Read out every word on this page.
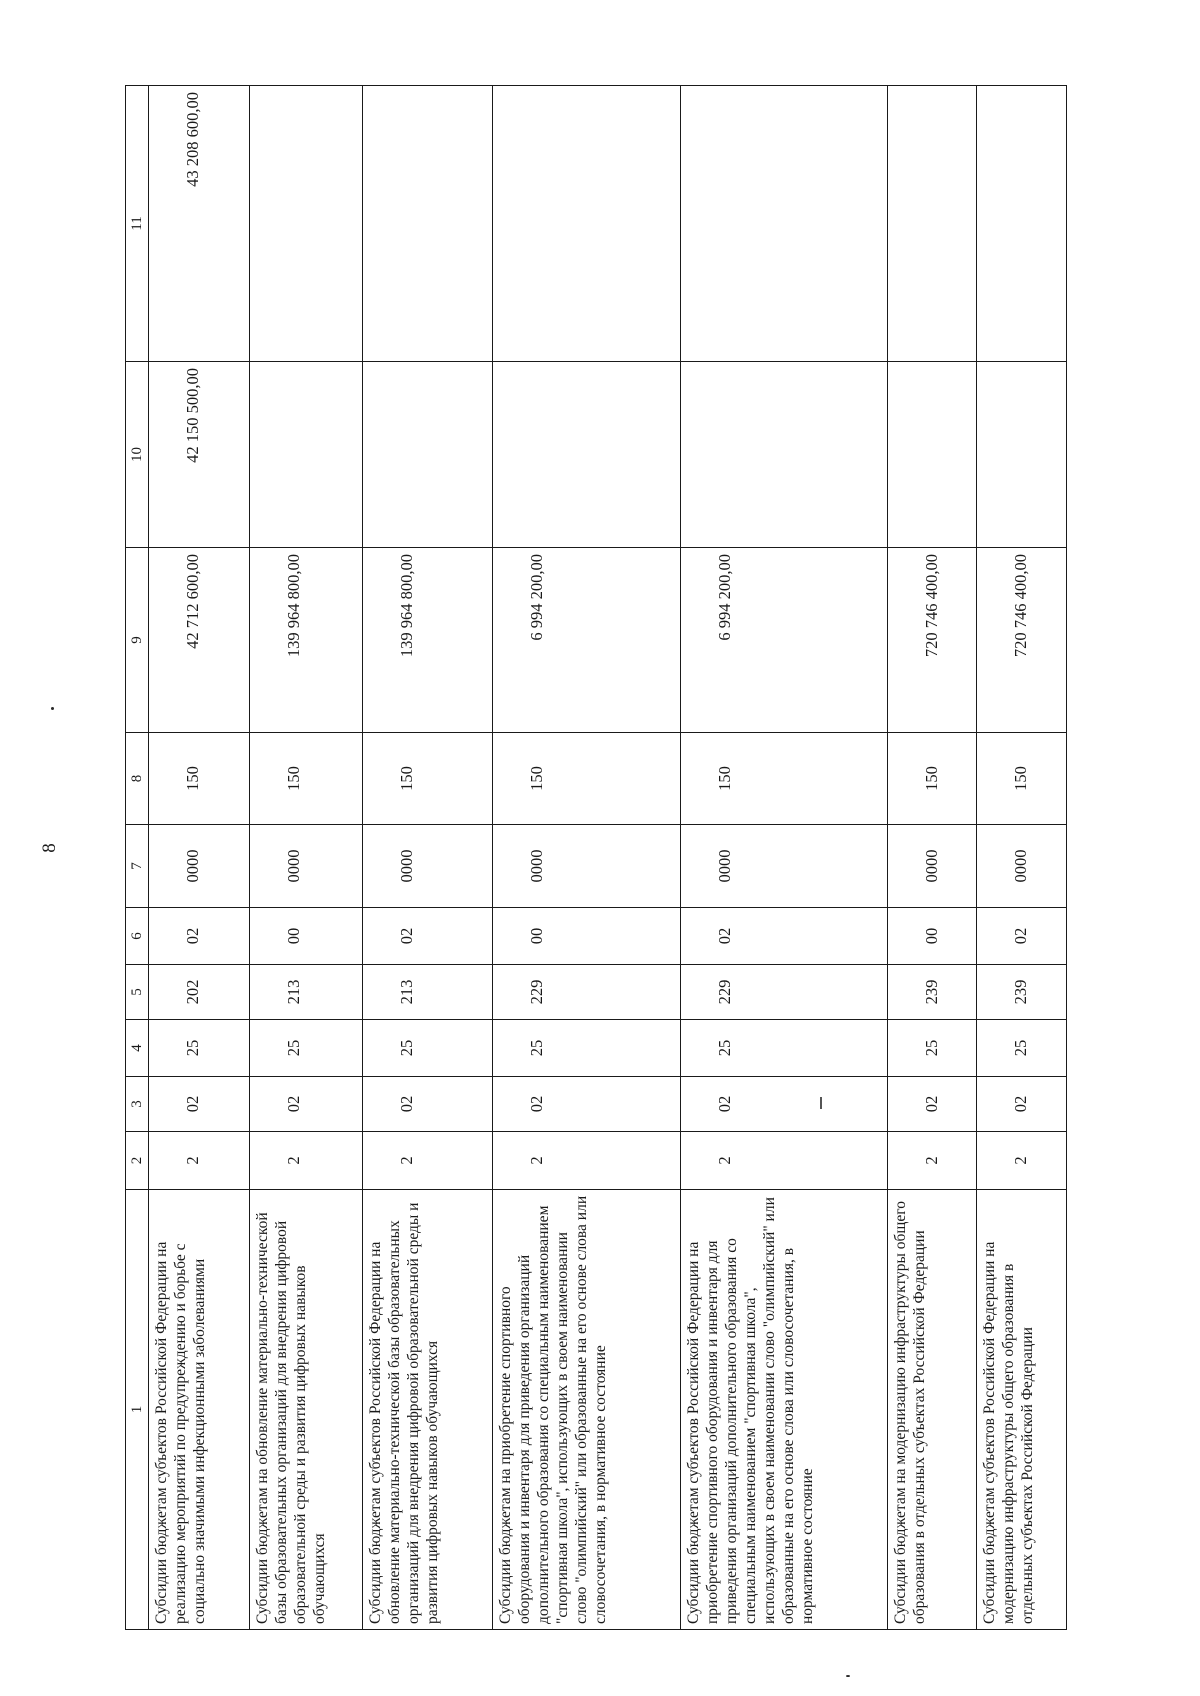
8
1	2	3	4	5	6	7	8	9	10	11
Субсидии бюджетам субъектов Российской Федерации на реализацию мероприятий по предупреждению и борьбе с социально значимыми инфекционными заболеваниями	2	02	25	202	02	0000	150	42 712 600,00	42 150 500,00	43 208 600,00
Субсидии бюджетам на обновление материально-технической базы образовательных организаций для внедрения цифровой образовательной среды и развития цифровых навыков обучающихся	2	02	25	213	00	0000	150	139 964 800,00		
Субсидии бюджетам субъектов Российской Федерации на обновление материально-технической базы образовательных организаций для внедрения цифровой образовательной среды и развития цифровых навыков обучающихся	2	02	25	213	02	0000	150	139 964 800,00		
Субсидии бюджетам на приобретение спортивного оборудования и инвентаря для приведения организаций дополнительного образования со специальным наименованием "спортивная школа", использующих в своем наименовании слово "олимпийский" или образованные на его основе слова или словосочетания, в нормативное состояние	2	02	25	229	00	0000	150	6 994 200,00		
Субсидии бюджетам субъектов Российской Федерации на приобретение спортивного оборудования и инвентаря для приведения организаций дополнительного образования со специальным наименованием "спортивная школа", использующих в своем наименовании слово "олимпийский" или образованные на его основе слова или словосочетания, в нормативное состояние	2	02	25	229	02	0000	150	6 994 200,00		
Субсидии бюджетам на модернизацию инфраструктуры общего образования в отдельных субъектах Российской Федерации	2	02	25	239	00	0000	150	720 746 400,00		
Субсидии бюджетам субъектов Российской Федерации на модернизацию инфраструктуры общего образования в отдельных субъектах Российской Федерации	2	02	25	239	02	0000	150	720 746 400,00		
